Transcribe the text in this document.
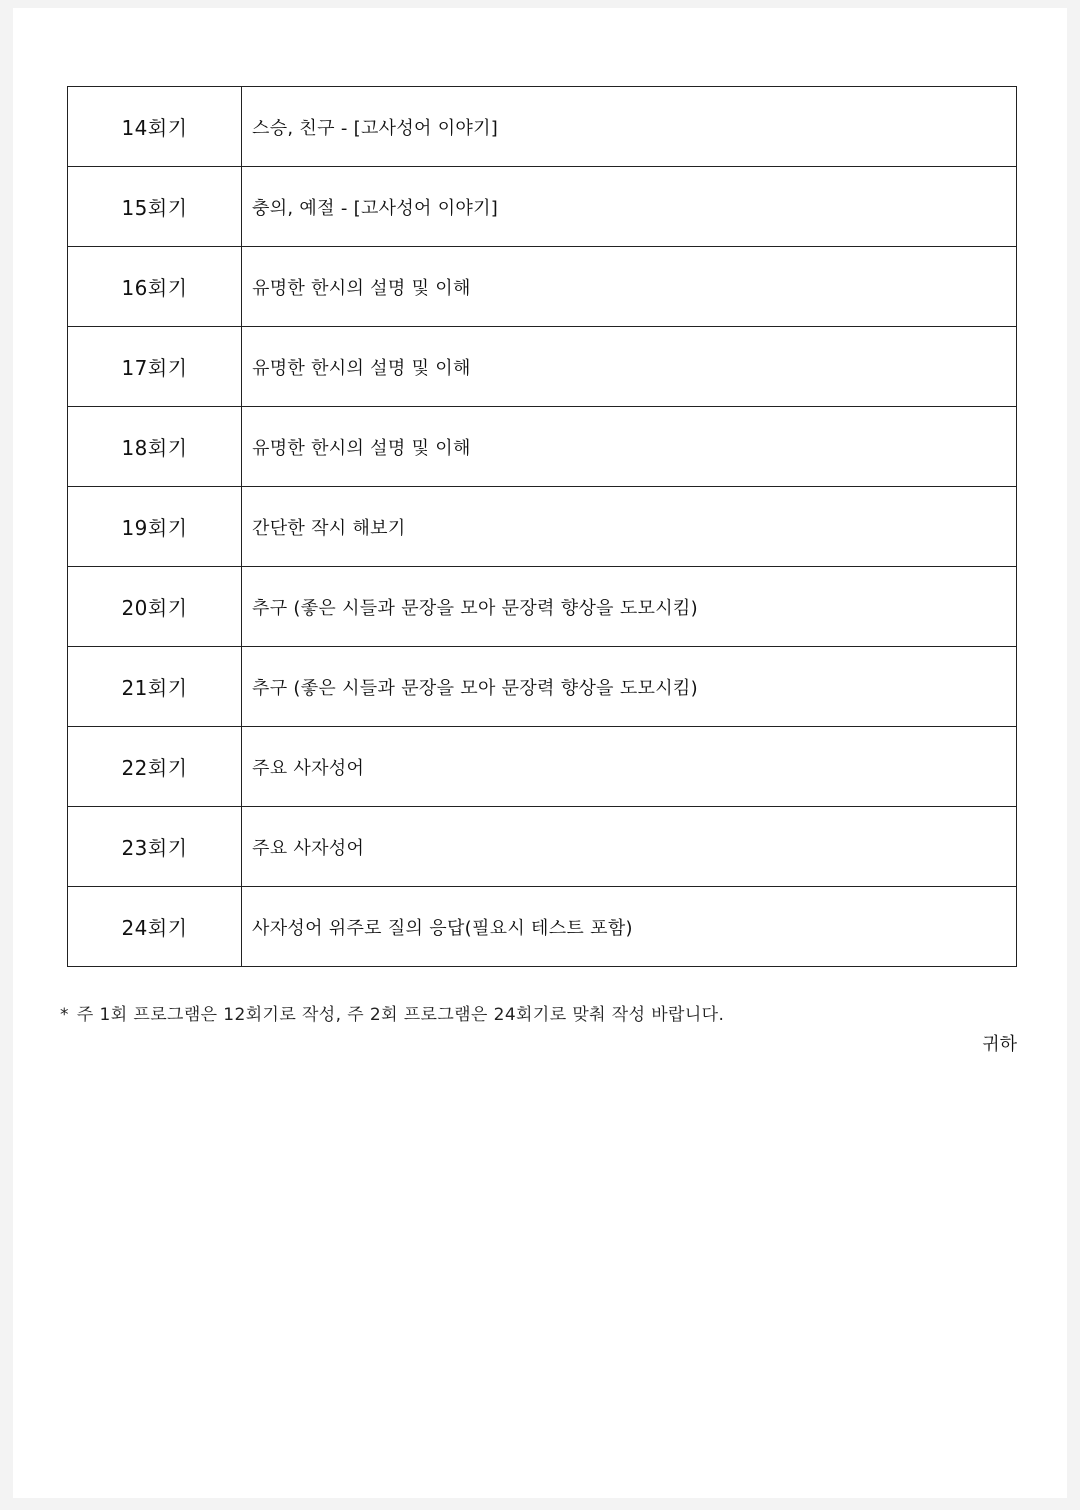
14회기	스승, 친구 - [고사성어 이야기]
15회기	충의, 예절 - [고사성어 이야기]
16회기	유명한 한시의 설명 및 이해
17회기	유명한 한시의 설명 및 이해
18회기	유명한 한시의 설명 및 이해
19회기	간단한 작시 해보기
20회기	추구 (좋은 시들과 문장을 모아 문장력 향상을 도모시킴)
21회기	추구 (좋은 시들과 문장을 모아 문장력 향상을 도모시킴)
22회기	주요 사자성어
23회기	주요 사자성어
24회기	사자성어 위주로 질의 응답(필요시 테스트 포함)
* 주 1회 프로그램은 12회기로 작성, 주 2회 프로그램은 24회기로 맞춰 작성 바랍니다.
귀하
